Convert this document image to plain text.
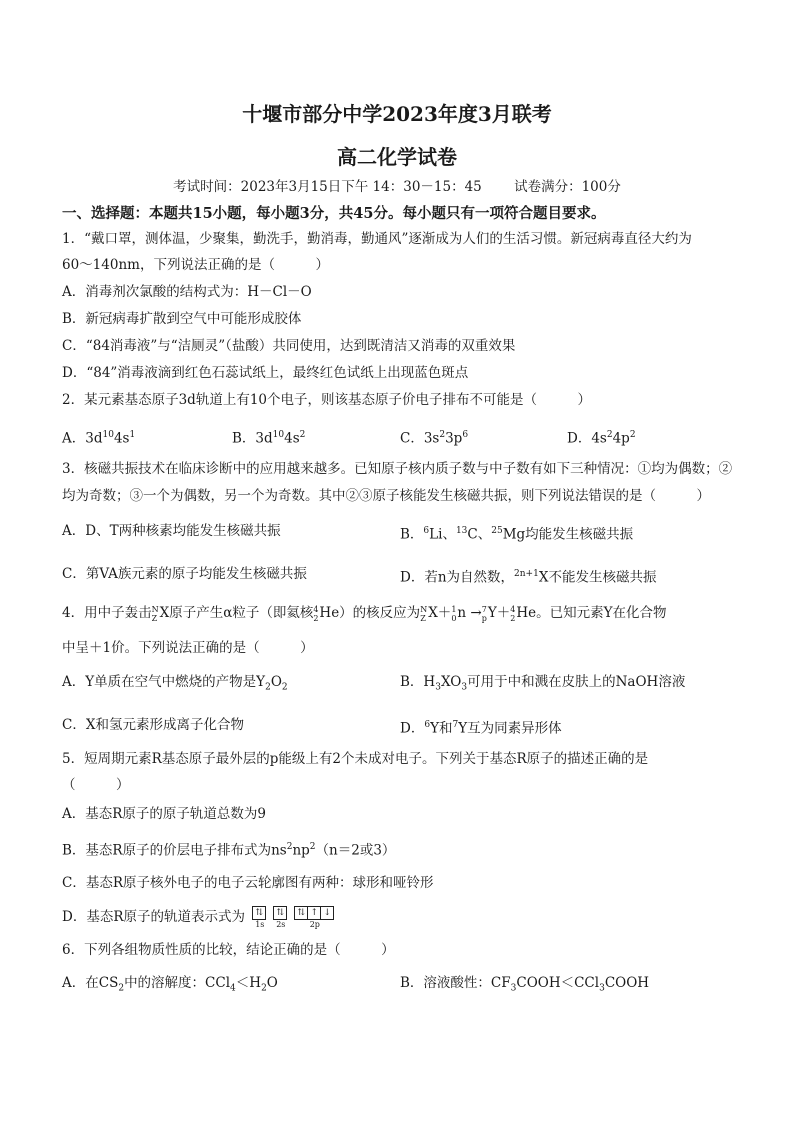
十堰市部分中学2023年度3月联考
高二化学试卷
考试时间：2023年3月15日下午 14：30－15：45 试卷满分：100分
一、选择题：本题共15小题，每小题3分，共45分。每小题只有一项符合题目要求。
1．“戴口罩，测体温，少聚集，勤洗手，勤消毒，勤通风”逐渐成为人们的生活习惯。新冠病毒直径大约为
60～140nm，下列说法正确的是（　　　）
A．消毒剂次氯酸的结构式为：H－Cl－O
B．新冠病毒扩散到空气中可能形成胶体
C．“84消毒液”与“洁厕灵”（盐酸）共同使用，达到既清洁又消毒的双重效果
D．“84”消毒液滴到红色石蕊试纸上，最终红色试纸上出现蓝色斑点
2．某元素基态原子3d轨道上有10个电子，则该基态原子价电子排布不可能是（　　　）
A．$3d^{10}4s^1$	B．$3d^{10}4s^2$	C．$3s^23p^6$	D．$4s^24p^2$
3．核磁共振技术在临床诊断中的应用越来越多。已知原子核内质子数与中子数有如下三种情况：①均为偶数；②
均为奇数；③一个为偶数，另一个为奇数。其中②③原子核能发生核磁共振，则下列说法错误的是（　　　）
A．D、T两种核素均能发生核磁共振	B．$^6$Li、$^{13}$C、$^{25}$Mg均能发生核磁共振
C．第VA族元素的原子均能发生核磁共振	D．若n为自然数，$^{2n+1}$X不能发生核磁共振
4．用中子轰击 N
Z X原子产生α粒子（即氦核 4
2 He）的核反应为 N
Z X＋ 1
0 n → 7
p Y＋ 4
2 He。已知元素Y在化合物
中呈＋1价。下列说法正确的是（　　　）
A．Y单质在空气中燃烧的产物是$Y_2O_2$	B．$H_3XO_3$可用于中和溅在皮肤上的NaOH溶液
C．X和氢元素形成离子化合物	D．$^6$Y和$^7$Y互为同素异形体
5．短周期元素R基态原子最外层的p能级上有2个未成对电子。下列关于基态R原子的描述正确的是
（　　　）
A．基态R原子的原子轨道总数为9
B．基态R原子的价层电子排布式为$ns^2np^2(n=2$或3）
C．基态R原子核外电子的电子云轮廓图有两种：球形和哑铃形
D．基态R原子的轨道表示式为	⇅
1s
⇅
2s
⇅ ↑ ↓
2p
6．下列各组物质性质的比较，结论正确的是（　　　）
A．在$CS_2$中的溶解度：$CCl_4<H_2O$	B．溶液酸性：$CF_3COOH<CCl_3COOH$
